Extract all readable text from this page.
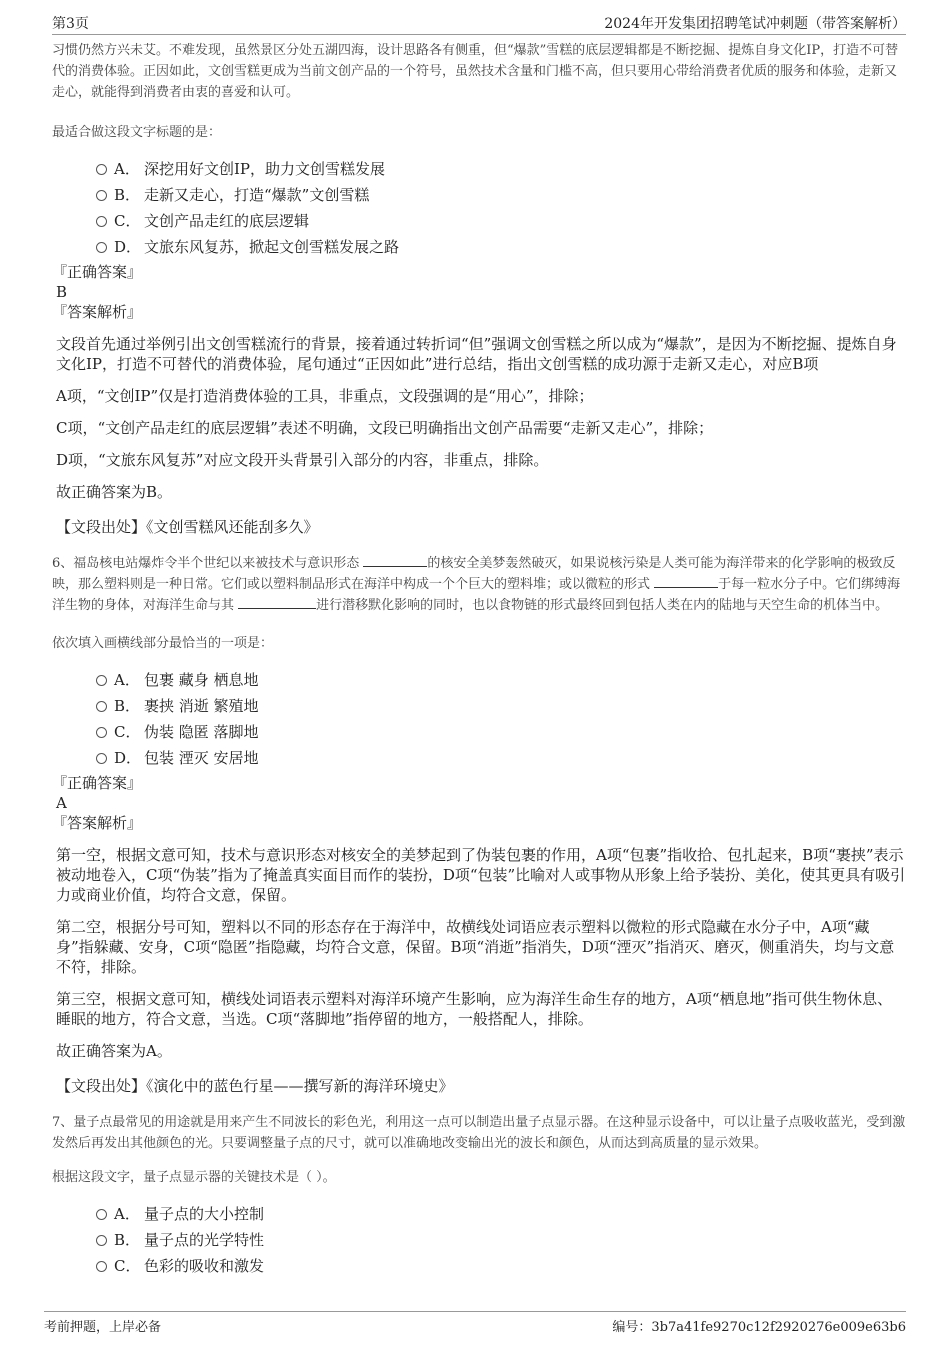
第3页	2024年开发集团招聘笔试冲刺题（带答案解析）

习惯仍然方兴未艾。不难发现，虽然景区分处五湖四海，设计思路各有侧重，但“爆款”雪糕的底层逻辑都是不断挖掘、提炼自身文化IP，打造不可替代的消费体验。正因如此，文创雪糕更成为当前文创产品的一个符号，虽然技术含量和门槛不高，但只要用心带给消费者优质的服务和体验，走新又走心，就能得到消费者由衷的喜爱和认可。

最适合做这段文字标题的是：

A． 深挖用好文创IP，助力文创雪糕发展
B． 走新又走心，打造“爆款”文创雪糕
C． 文创产品走红的底层逻辑
D． 文旅东风复苏，掀起文创雪糕发展之路

『正确答案』

B

『答案解析』

文段首先通过举例引出文创雪糕流行的背景，接着通过转折词“但”强调文创雪糕之所以成为“爆款”，是因为不断挖掘、提炼自身文化IP，打造不可替代的消费体验，尾句通过“正因如此”进行总结，指出文创雪糕的成功源于走新又走心，对应B项

A项，“文创IP”仅是打造消费体验的工具，非重点，文段强调的是“用心”，排除；

C项，“文创产品走红的底层逻辑”表述不明确，文段已明确指出文创产品需要“走新又走心”，排除；

D项，“文旅东风复苏”对应文段开头背景引入部分的内容，非重点，排除。

故正确答案为B。

【文段出处】《文创雪糕风还能刮多久》

6、福岛核电站爆炸令半个世纪以来被技术与意识形态	的核安全美梦轰然破灭，如果说核污染是人类可能为海洋带来的化学影响的极致反映，那么塑料则是一种日常。它们或以塑料制品形式在海洋中构成一个个巨大的塑料堆；或以微粒的形式	于每一粒水分子中。它们绑缚海洋生物的身体，对海洋生命与其	进行潜移默化影响的同时，也以食物链的形式最终回到包括人类在内的陆地与天空生命的机体当中。

依次填入画横线部分最恰当的一项是：

A． 包裹 藏身 栖息地
B． 裹挟 消逝 繁殖地
C． 伪装 隐匿 落脚地
D． 包装 湮灭 安居地

『正确答案』

A

『答案解析』

第一空，根据文意可知，技术与意识形态对核安全的美梦起到了伪装包裹的作用，A项“包裹”指收拾、包扎起来，B项“裹挟”表示被动地卷入，C项“伪装”指为了掩盖真实面目而作的装扮，D项“包装”比喻对人或事物从形象上给予装扮、美化，使其更具有吸引力或商业价值，均符合文意，保留。

第二空，根据分号可知，塑料以不同的形态存在于海洋中，故横线处词语应表示塑料以微粒的形式隐藏在水分子中，A项“藏身”指躲藏、安身，C项“隐匿”指隐藏，均符合文意，保留。B项“消逝”指消失，D项“湮灭”指消灭、磨灭，侧重消失，均与文意不符，排除。

第三空，根据文意可知，横线处词语表示塑料对海洋环境产生影响，应为海洋生命生存的地方，A项“栖息地”指可供生物休息、睡眠的地方，符合文意，当选。C项“落脚地”指停留的地方，一般搭配人，排除。

故正确答案为A。

【文段出处】《演化中的蓝色行星——撰写新的海洋环境史》

7、量子点最常见的用途就是用来产生不同波长的彩色光，利用这一点可以制造出量子点显示器。在这种显示设备中，可以让量子点吸收蓝光，受到激发然后再发出其他颜色的光。只要调整量子点的尺寸，就可以准确地改变输出光的波长和颜色，从而达到高质量的显示效果。

根据这段文字，量子点显示器的关键技术是（ ）。

A． 量子点的大小控制
B． 量子点的光学特性
C． 色彩的吸收和激发
考前押题，上岸必备	编号：3b7a41fe9270c12f2920276e009e63b6
